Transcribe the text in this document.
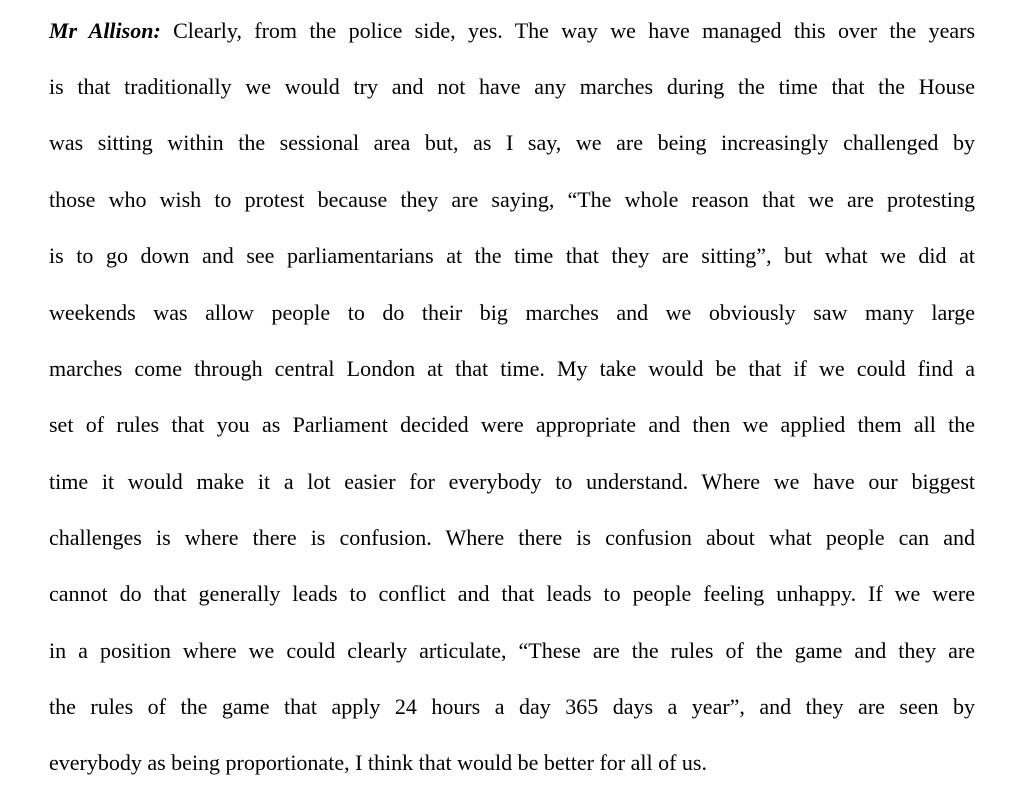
Mr Allison: Clearly, from the police side, yes. The way we have managed this over the years
is that traditionally we would try and not have any marches during the time that the House
was sitting within the sessional area but, as I say, we are being increasingly challenged by
those who wish to protest because they are saying, “The whole reason that we are protesting
is to go down and see parliamentarians at the time that they are sitting”, but what we did at
weekends was allow people to do their big marches and we obviously saw many large
marches come through central London at that time. My take would be that if we could find a
set of rules that you as Parliament decided were appropriate and then we applied them all the
time it would make it a lot easier for everybody to understand. Where we have our biggest
challenges is where there is confusion. Where there is confusion about what people can and
cannot do that generally leads to conflict and that leads to people feeling unhappy. If we were
in a position where we could clearly articulate, “These are the rules of the game and they are
the rules of the game that apply 24 hours a day 365 days a year”, and they are seen by
everybody as being proportionate, I think that would be better for all of us.
